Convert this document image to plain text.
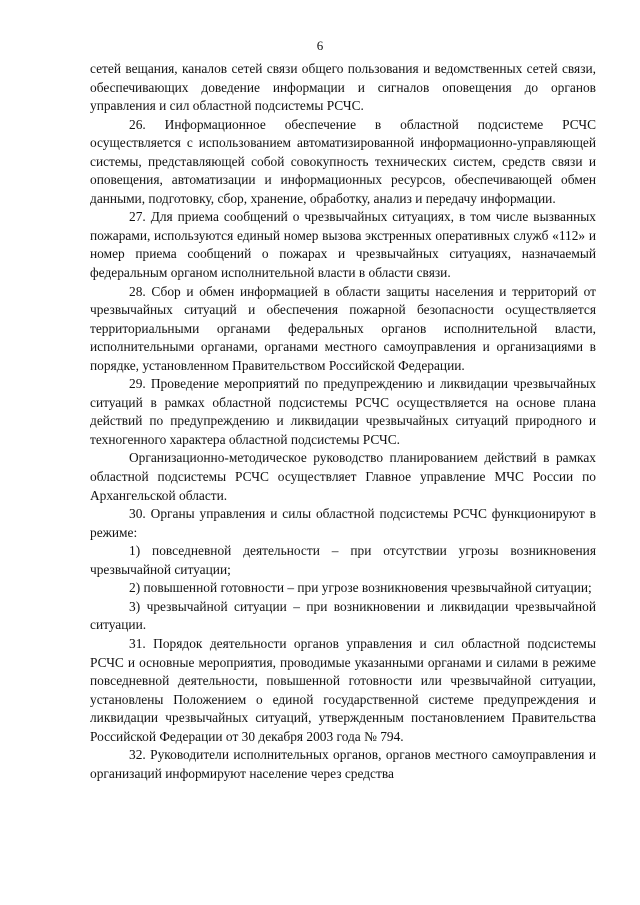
6

сетей вещания, каналов сетей связи общего пользования и ведомственных сетей связи, обеспечивающих доведение информации и сигналов оповещения до органов управления и сил областной подсистемы РСЧС.

26. Информационное обеспечение в областной подсистеме РСЧС осуществляется с использованием автоматизированной информационно-управляющей системы, представляющей собой совокупность технических систем, средств связи и оповещения, автоматизации и информационных ресурсов, обеспечивающей обмен данными, подготовку, сбор, хранение, обработку, анализ и передачу информации.

27. Для приема сообщений о чрезвычайных ситуациях, в том числе вызванных пожарами, используются единый номер вызова экстренных оперативных служб «112» и номер приема сообщений о пожарах и чрезвычайных ситуациях, назначаемый федеральным органом исполнительной власти в области связи.

28. Сбор и обмен информацией в области защиты населения и территорий от чрезвычайных ситуаций и обеспечения пожарной безопасности осуществляется территориальными органами федеральных органов исполнительной власти, исполнительными органами, органами местного самоуправления и организациями в порядке, установленном Правительством Российской Федерации.

29. Проведение мероприятий по предупреждению и ликвидации чрезвычайных ситуаций в рамках областной подсистемы РСЧС осуществляется на основе плана действий по предупреждению и ликвидации чрезвычайных ситуаций природного и техногенного характера областной подсистемы РСЧС.

Организационно-методическое руководство планированием действий в рамках областной подсистемы РСЧС осуществляет Главное управление МЧС России по Архангельской области.

30. Органы управления и силы областной подсистемы РСЧС функционируют в режиме:

1) повседневной деятельности – при отсутствии угрозы возникновения чрезвычайной ситуации;

2) повышенной готовности – при угрозе возникновения чрезвычайной ситуации;

3) чрезвычайной ситуации – при возникновении и ликвидации чрезвычайной ситуации.

31. Порядок деятельности органов управления и сил областной подсистемы РСЧС и основные мероприятия, проводимые указанными органами и силами в режиме повседневной деятельности, повышенной готовности или чрезвычайной ситуации, установлены Положением о единой государственной системе предупреждения и ликвидации чрезвычайных ситуаций, утвержденным постановлением Правительства Российской Федерации от 30 декабря 2003 года № 794.

32. Руководители исполнительных органов, органов местного самоуправления и организаций информируют население через средства
